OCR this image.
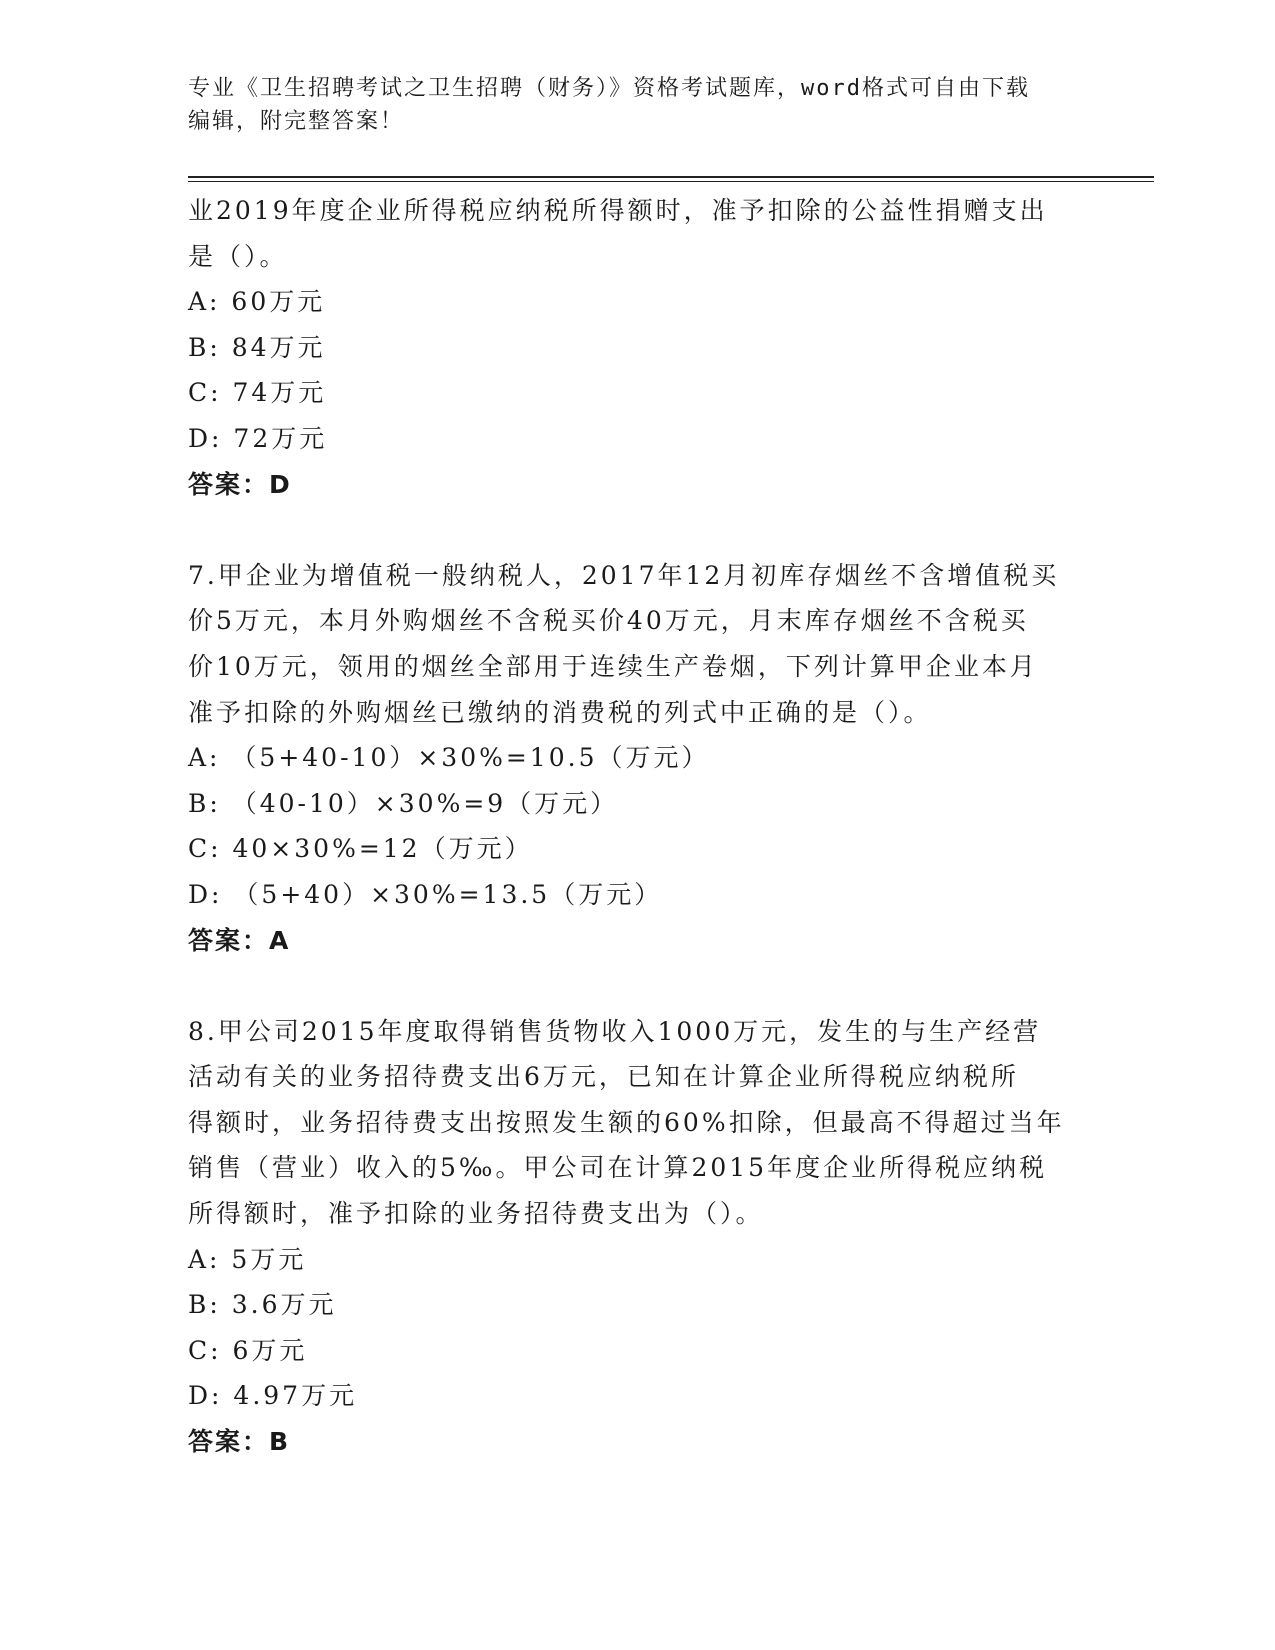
专业《卫生招聘考试之卫生招聘（财务）》资格考试题库，word格式可自由下载
编辑，附完整答案！
业2019年度企业所得税应纳税所得额时，准予扣除的公益性捐赠支出
是（）。
A: 60万元
B: 84万元
C: 74万元
D: 72万元
答案：D
7.甲企业为增值税一般纳税人，2017年12月初库存烟丝不含增值税买
价5万元，本月外购烟丝不含税买价40万元，月末库存烟丝不含税买
价10万元，领用的烟丝全部用于连续生产卷烟，下列计算甲企业本月
准予扣除的外购烟丝已缴纳的消费税的列式中正确的是（）。
A: （5+40-10）×30%=10.5（万元）
B: （40-10）×30%=9（万元）
C: 40×30%=12（万元）
D: （5+40）×30%=13.5（万元）
答案：A
8.甲公司2015年度取得销售货物收入1000万元，发生的与生产经营
活动有关的业务招待费支出6万元，已知在计算企业所得税应纳税所
得额时，业务招待费支出按照发生额的60%扣除，但最高不得超过当年
销售（营业）收入的5‰。甲公司在计算2015年度企业所得税应纳税
所得额时，准予扣除的业务招待费支出为（）。
A: 5万元
B: 3.6万元
C: 6万元
D: 4.97万元
答案：B
